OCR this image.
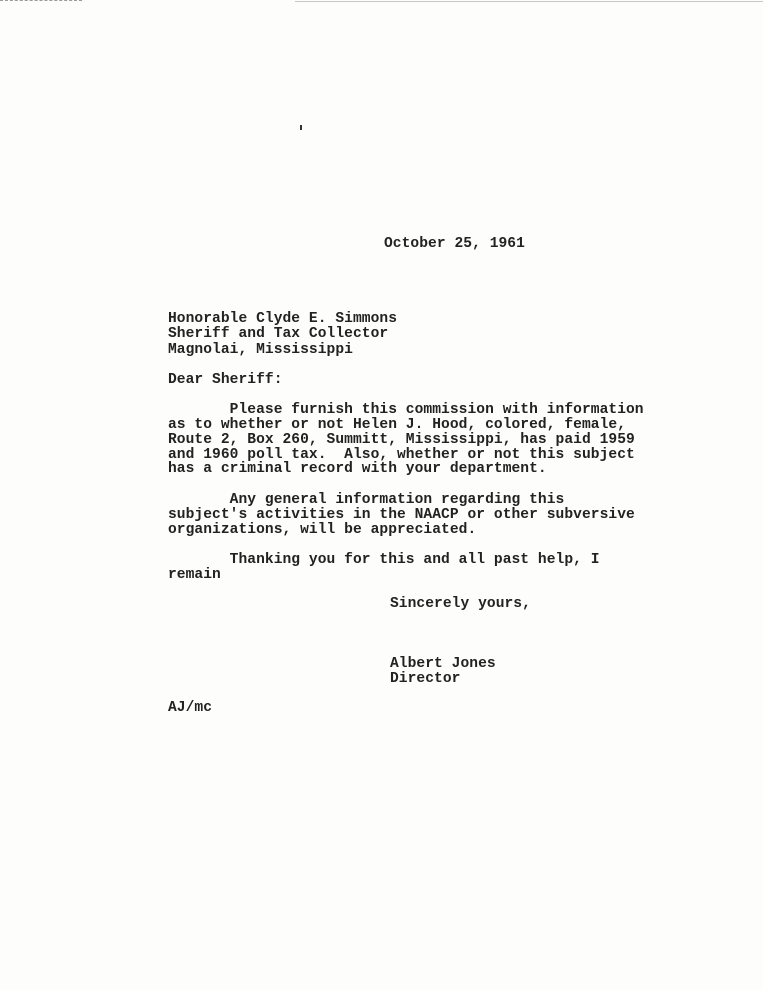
October 25, 1961
Honorable Clyde E. Simmons
Sheriff and Tax Collector
Magnolai, Mississippi
Dear Sheriff:
Please furnish this commission with information
as to whether or not Helen J. Hood, colored, female,
Route 2, Box 260, Summitt, Mississippi, has paid 1959
and 1960 poll tax.  Also, whether or not this subject
has a criminal record with your department.
Any general information regarding this
subject's activities in the NAACP or other subversive
organizations, will be appreciated.
Thanking you for this and all past help, I
remain
Sincerely yours,
Albert Jones
Director
AJ/mc
